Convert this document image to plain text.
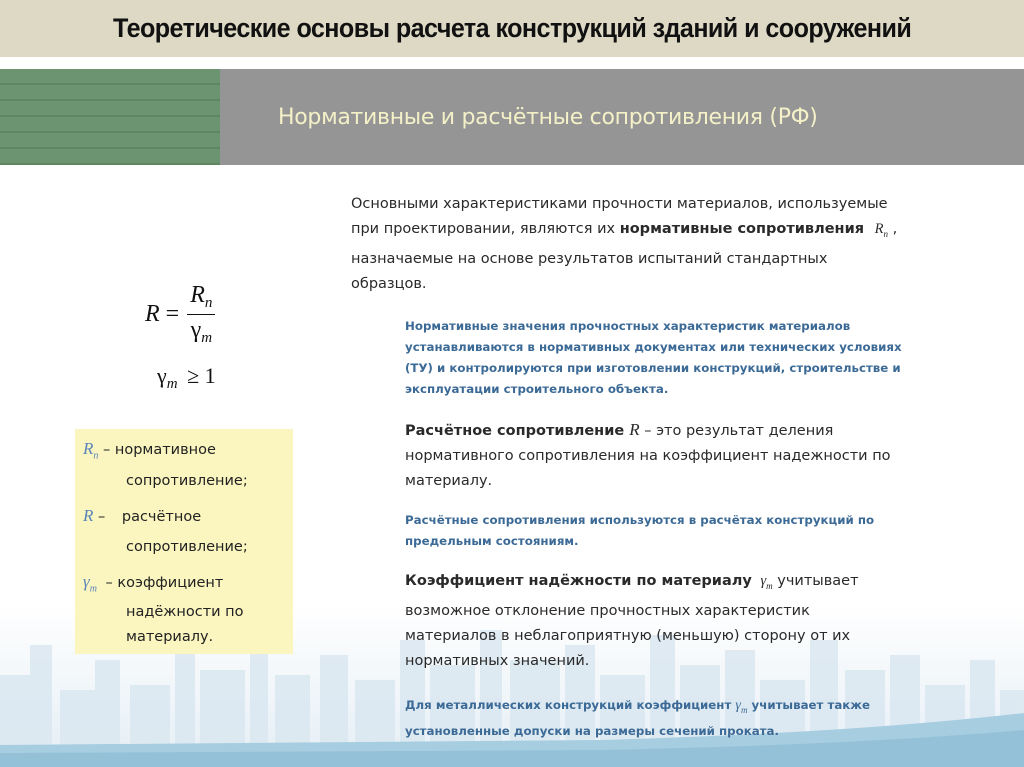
Теоретические основы расчета конструкций зданий и сооружений
Нормативные и расчётные сопротивления (РФ)
$R = \frac{R_n}{\gamma_m}$
$\gamma_m \ge 1$
$R_n$ – нормативное
сопротивление;
R – расчётное
сопротивление;
$\gamma_m$ – коэффициент
надёжности по
материалу.
Основными характеристиками прочности материалов, используемые
при проектировании, являются их нормативные сопротивления $R_n$ ,
назначаемые на основе результатов испытаний стандартных
образцов.
Нормативные значения прочностных характеристик материалов
устанавливаются в нормативных документах или технических условиях
(ТУ) и контролируются при изготовлении конструкций, строительстве и
эксплуатации строительного объекта.
Расчётное сопротивление R – это результат деления
нормативного сопротивления на коэффициент надежности по
материалу.
Расчётные сопротивления используются в расчётах конструкций по
предельным состояниям.
Коэффициент надёжности по материалу $\gamma_m$ учитывает
возможное отклонение прочностных характеристик
материалов в неблагоприятную (меньшую) сторону от их
нормативных значений.
Для металлических конструкций коэффициент $\gamma_m$ учитывает также
установленные допуски на размеры сечений проката.
